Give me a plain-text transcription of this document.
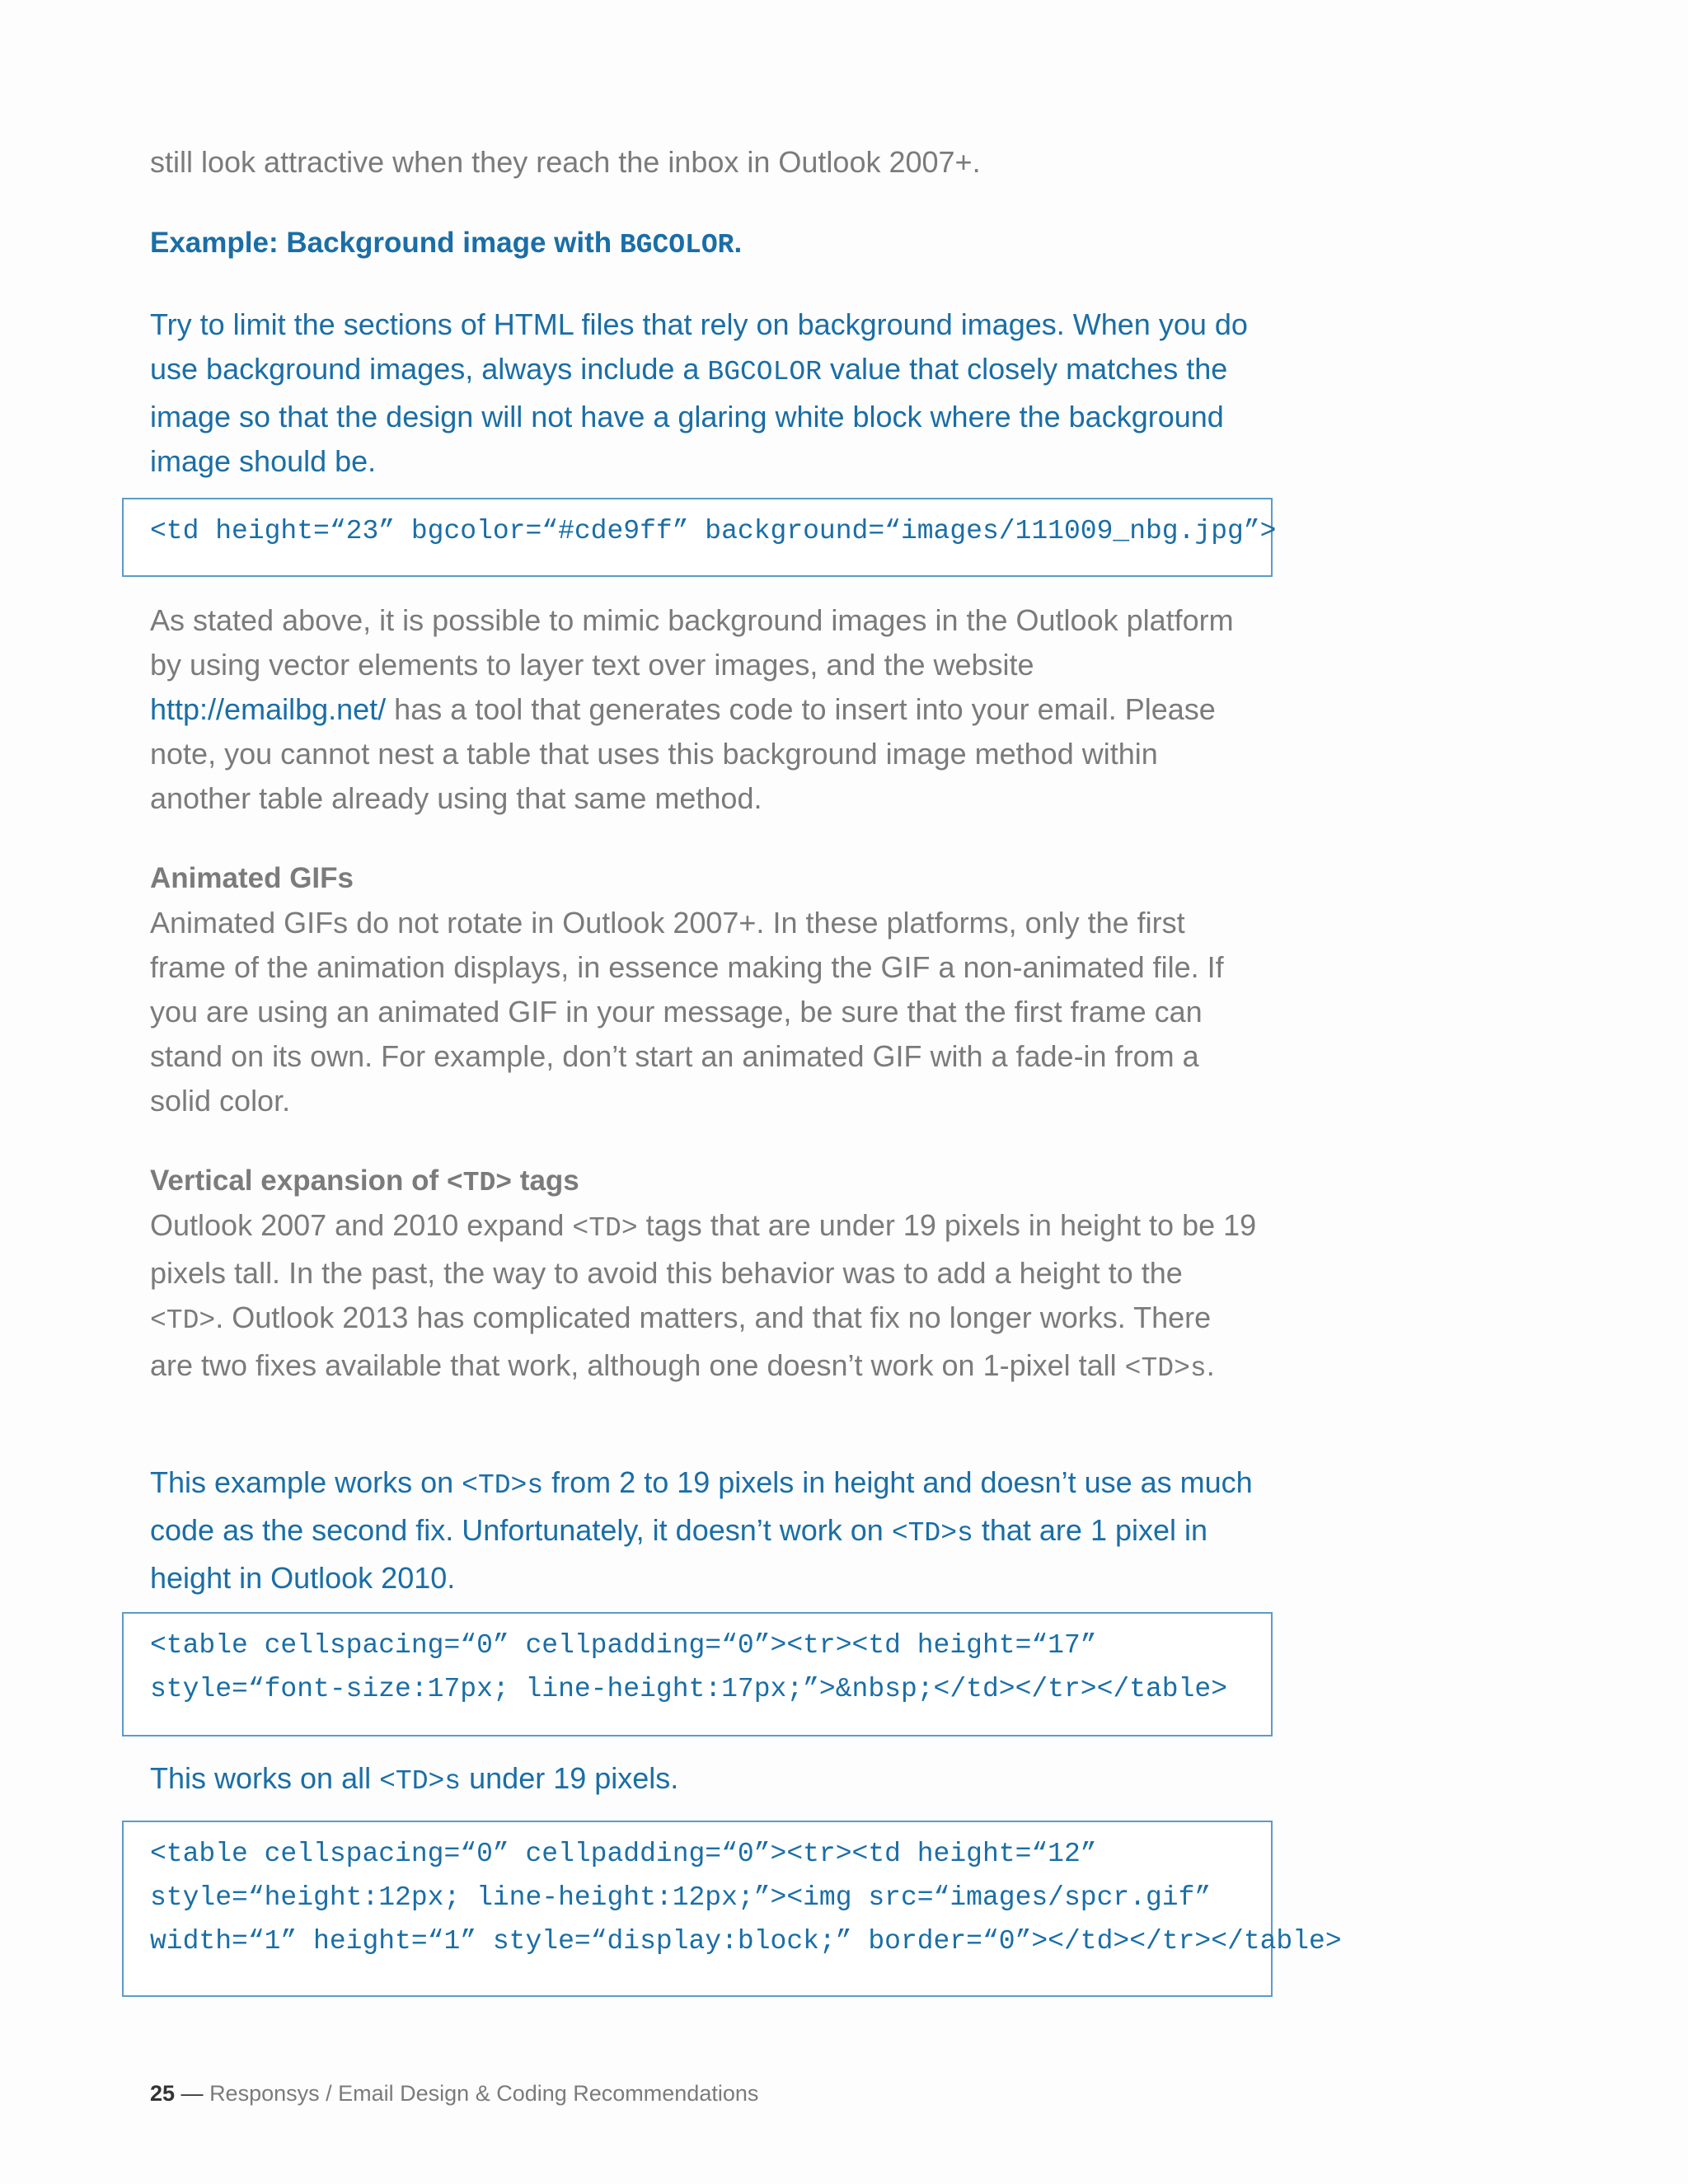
still look attractive when they reach the inbox in Outlook 2007+.

Example: Background image with BGCOLOR.

Try to limit the sections of HTML files that rely on background images. When you do use background images, always include a BGCOLOR value that closely matches the image so that the design will not have a glaring white block where the background image should be.

<td height=“23” bgcolor=“#cde9ff” background=“images/111009_nbg.jpg”>

As stated above, it is possible to mimic background images in the Outlook platform by using vector elements to layer text over images, and the website http://emailbg.net/ has a tool that generates code to insert into your email. Please note, you cannot nest a table that uses this background image method within another table already using that same method.

Animated GIFs

Animated GIFs do not rotate in Outlook 2007+. In these platforms, only the first frame of the animation displays, in essence making the GIF a non-animated file. If you are using an animated GIF in your message, be sure that the first frame can stand on its own. For example, don’t start an animated GIF with a fade-in from a solid color.

Vertical expansion of <TD> tags

Outlook 2007 and 2010 expand <TD> tags that are under 19 pixels in height to be 19 pixels tall. In the past, the way to avoid this behavior was to add a height to the <TD>. Outlook 2013 has complicated matters, and that fix no longer works. There are two fixes available that work, although one doesn’t work on 1-pixel tall <TD>s.

This example works on <TD>s from 2 to 19 pixels in height and doesn’t use as much code as the second fix. Unfortunately, it doesn’t work on <TD>s that are 1 pixel in height in Outlook 2010.

<table cellspacing=“0” cellpadding=“0”><tr><td height=“17”
style=“font-size:17px; line-height:17px;”>&nbsp;</td></tr></table>

This works on all <TD>s under 19 pixels.

<table cellspacing=“0” cellpadding=“0”><tr><td height=“12”
style=“height:12px; line-height:12px;”><img src=“images/spcr.gif”
width=“1” height=“1” style=“display:block;” border=“0”></td></tr></table>
25 — Responsys / Email Design & Coding Recommendations
